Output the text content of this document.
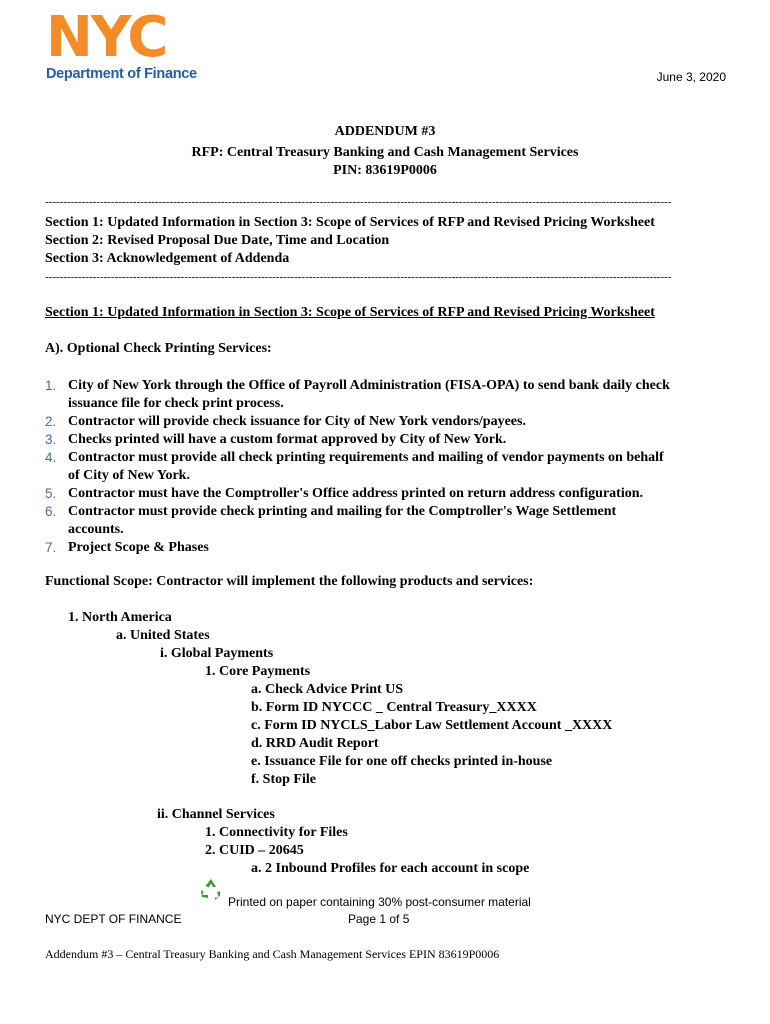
NYC
Department of Finance	June 3, 2020
ADDENDUM #3
RFP: Central Treasury Banking and Cash Management Services
PIN: 83619P0006
---------------------------------------------------------------------------------------------------------------------------------------------------------------------------
Section 1: Updated Information in Section 3: Scope of Services of RFP and Revised Pricing Worksheet
Section 2: Revised Proposal Due Date, Time and Location
Section 3: Acknowledgement of Addenda
---------------------------------------------------------------------------------------------------------------------------------------------------------------------------
Section 1: Updated Information in Section 3: Scope of Services of RFP and Revised Pricing Worksheet
A). Optional Check Printing Services:
1. City of New York through the Office of Payroll Administration (FISA-OPA) to send bank daily check
issuance file for check print process.
2. Contractor will provide check issuance for City of New York vendors/payees.
3. Checks printed will have a custom format approved by City of New York.
4. Contractor must provide all check printing requirements and mailing of vendor payments on behalf
of City of New York.
5. Contractor must have the Comptroller's Office address printed on return address configuration.
6. Contractor must provide check printing and mailing for the Comptroller's Wage Settlement
accounts.
7. Project Scope & Phases
Functional Scope: Contractor will implement the following products and services:
1. North America
a. United States
i. Global Payments
1. Core Payments
a. Check Advice Print US
b. Form ID NYCCC _ Central Treasury_XXXX
c. Form ID NYCLS_Labor Law Settlement Account _XXXX
d. RRD Audit Report
e. Issuance File for one off checks printed in-house
f. Stop File
ii. Channel Services
1. Connectivity for Files
2. CUID – 20645
a. 2 Inbound Profiles for each account in scope
Printed on paper containing 30% post-consumer material
NYC DEPT OF FINANCE	Page 1 of 5
Addendum #3 – Central Treasury Banking and Cash Management Services EPIN 83619P0006
